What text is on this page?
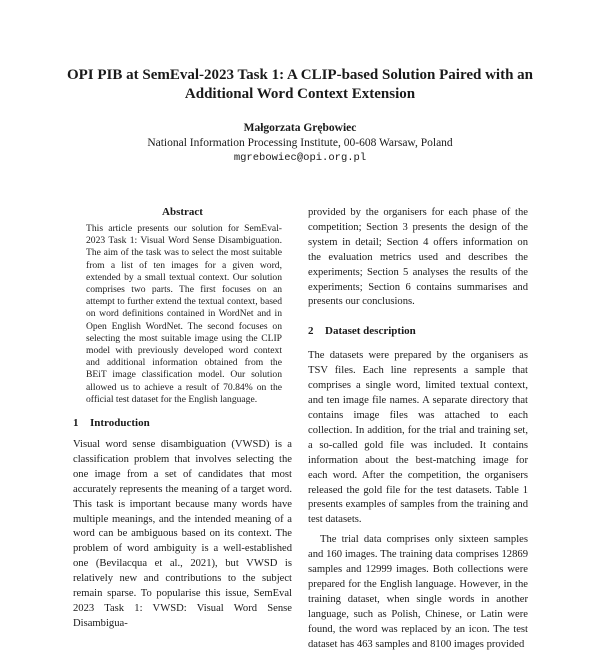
OPI PIB at SemEval-2023 Task 1: A CLIP-based Solution Paired with an
Additional Word Context Extension
Małgorzata Grębowiec
National Information Processing Institute, 00-608 Warsaw, Poland
mgrebowiec@opi.org.pl
Abstract

This article presents our solution for SemEval-2023 Task 1: Visual Word Sense Disambiguation. The aim of the task was to select the most suitable from a list of ten images for a given word, extended by a small textual context. Our solution comprises two parts. The first focuses on an attempt to further extend the textual context, based on word definitions contained in WordNet and in Open English WordNet. The second focuses on selecting the most suitable image using the CLIP model with previously developed word context and additional information obtained from the BEiT image classification model. Our solution allowed us to achieve a result of 70.84% on the official test dataset for the English language.

1 Introduction

Visual word sense disambiguation (VWSD) is a classification problem that involves selecting the one image from a set of candidates that most accurately represents the meaning of a target word. This task is important because many words have multiple meanings, and the intended meaning of a word can be ambiguous based on its context. The problem of word ambiguity is a well-established one (Bevilacqua et al., 2021), but VWSD is relatively new and contributions to the subject remain sparse. To popularise this issue, SemEval 2023 Task 1: VWSD: Visual Word Sense Disambigua-

provided by the organisers for each phase of the competition; Section 3 presents the design of the system in detail; Section 4 offers information on the evaluation metrics used and describes the experiments; Section 5 analyses the results of the experiments; Section 6 contains summarises and presents our conclusions.

2 Dataset description

The datasets were prepared by the organisers as TSV files. Each line represents a sample that comprises a single word, limited textual context, and ten image file names. A separate directory that contains image files was attached to each collection. In addition, for the trial and training set, a so-called gold file was included. It contains information about the best-matching image for each word. After the competition, the organisers released the gold file for the test datasets. Table 1 presents examples of samples from the training and test datasets.

The trial data comprises only sixteen samples and 160 images. The training data comprises 12869 samples and 12999 images. Both collections were prepared for the English language. However, in the training dataset, when single words in another language, such as Polish, Chinese, or Latin were found, the word was replaced by an icon. The test dataset has 463 samples and 8100 images provided
